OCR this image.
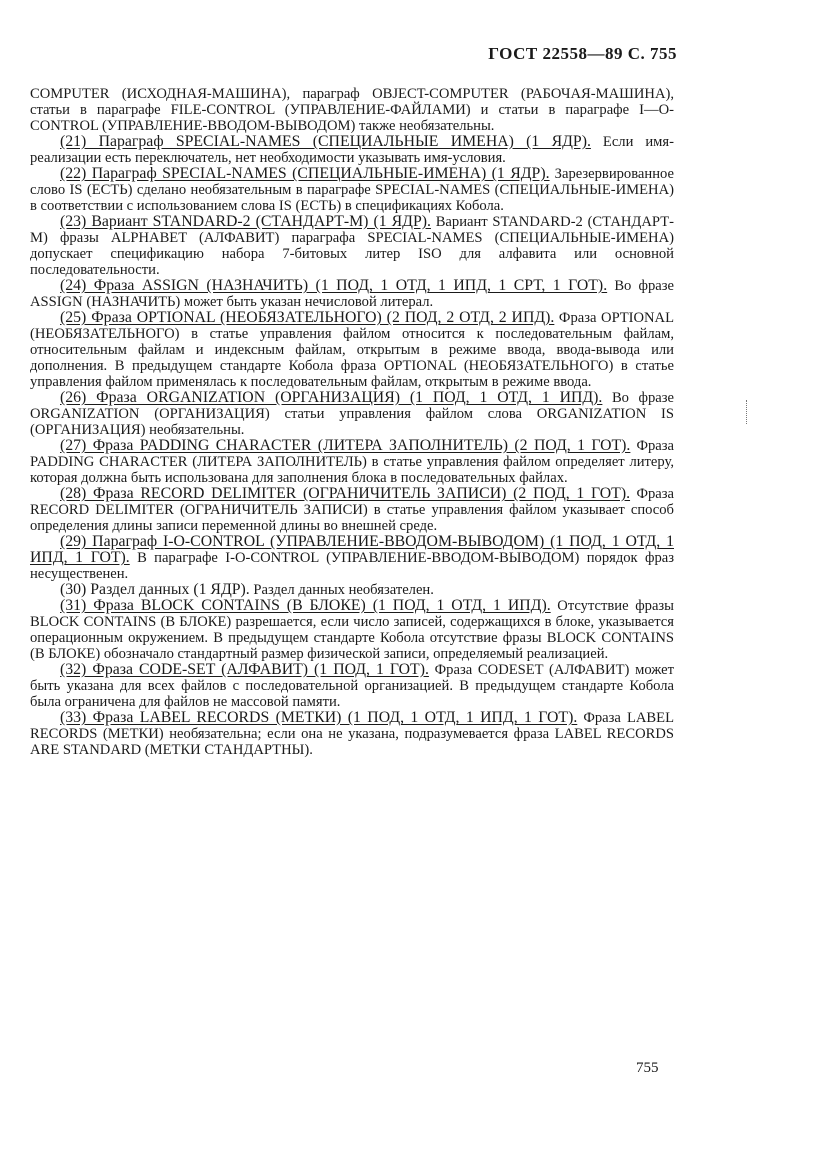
ГОСТ 22558—89 С. 755

COMPUTER (ИСХОДНАЯ-МАШИНА), параграф OBJECT-COMPUTER (РАБОЧАЯ-МАШИНА), статьи в параграфе FILE-CONTROL (УПРАВЛЕНИЕ-ФАЙЛАМИ) и статьи в параграфе I—O-CONTROL (УПРАВЛЕНИЕ-ВВОДОМ-ВЫВОДОМ) также необязательны.

(21) Параграф SPECIAL-NAMES (СПЕЦИАЛЬНЫЕ ИМЕНА) (1 ЯДР). Если имя-реализации есть переключатель, нет необходимости указывать имя-условия.

(22) Параграф SPECIAL-NAMES (СПЕЦИАЛЬНЫЕ-ИМЕНА) (1 ЯДР). Зарезервированное слово IS (ЕСТЬ) сделано необязательным в параграфе SPECIAL-NAMES (СПЕЦИАЛЬНЫЕ-ИМЕНА) в соответствии с использованием слова IS (ЕСТЬ) в спецификациях Кобола.

(23) Вариант STANDARD-2 (СТАНДАРТ-М) (1 ЯДР). Вариант STANDARD-2 (СТАНДАРТ-М) фразы ALPHABET (АЛФАВИТ) параграфа SPECIAL-NAMES (СПЕЦИАЛЬНЫЕ-ИМЕНА) допускает спецификацию набора 7-битовых литер ISO для алфавита или основной последовательности.

(24) Фраза ASSIGN (НАЗНАЧИТЬ) (1 ПОД, 1 ОТД, 1 ИПД, 1 СРТ, 1 ГОТ). Во фразе ASSIGN (НАЗНАЧИТЬ) может быть указан нечисловой литерал.

(25) Фраза OPTIONAL (НЕОБЯЗАТЕЛЬНОГО) (2 ПОД, 2 ОТД, 2 ИПД). Фраза OPTIONAL (НЕОБЯЗАТЕЛЬНОГО) в статье управления файлом относится к последовательным файлам, относительным файлам и индексным файлам, открытым в режиме ввода, ввода-вывода или дополнения. В предыдущем стандарте Кобола фраза OPTIONAL (НЕОБЯЗАТЕЛЬНОГО) в статье управления файлом применялась к последовательным файлам, открытым в режиме ввода.

(26) Фраза ORGANIZATION (ОРГАНИЗАЦИЯ) (1 ПОД, 1 ОТД, 1 ИПД). Во фразе ORGANIZATION (ОРГАНИЗАЦИЯ) статьи управления файлом слова ORGANIZATION IS (ОРГАНИЗАЦИЯ) необязательны.

(27) Фраза PADDING CHARACTER (ЛИТЕРА ЗАПОЛНИТЕЛЬ) (2 ПОД, 1 ГОТ). Фраза PADDING CHARACTER (ЛИТЕРА ЗАПОЛНИТЕЛЬ) в статье управления файлом определяет литеру, которая должна быть использована для заполнения блока в последовательных файлах.

(28) Фраза RECORD DELIMITER (ОГРАНИЧИТЕЛЬ ЗАПИСИ) (2 ПОД, 1 ГОТ). Фраза RECORD DELIMITER (ОГРАНИЧИТЕЛЬ ЗАПИСИ) в статье управления файлом указывает способ определения длины записи переменной длины во внешней среде.

(29) Параграф I-O-CONTROL (УПРАВЛЕНИЕ-ВВОДОМ-ВЫВОДОМ) (1 ПОД, 1 ОТД, 1 ИПД, 1 ГОТ). В параграфе I-O-CONTROL (УПРАВЛЕНИЕ-ВВОДОМ-ВЫВОДОМ) порядок фраз несущественен.

(30) Раздел данных (1 ЯДР). Раздел данных необязателен.

(31) Фраза BLOCK CONTAINS (В БЛОКЕ) (1 ПОД, 1 ОТД, 1 ИПД). Отсутствие фразы BLOCK CONTAINS (В БЛОКЕ) разрешается, если число записей, содержащихся в блоке, указывается операционным окружением. В предыдущем стандарте Кобола отсутствие фразы BLOCK CONTAINS (В БЛОКЕ) обозначало стандартный размер физической записи, определяемый реализацией.

(32) Фраза CODE-SET (АЛФАВИТ) (1 ПОД, 1 ГОТ). Фраза CODESET (АЛФАВИТ) может быть указана для всех файлов с последовательной организацией. В предыдущем стандарте Кобола была ограничена для файлов не массовой памяти.

(33) Фраза LABEL RECORDS (МЕТКИ) (1 ПОД, 1 ОТД, 1 ИПД, 1 ГОТ). Фраза LABEL RECORDS (МЕТКИ) необязательна; если она не указана, подразумевается фраза LABEL RECORDS ARE STANDARD (МЕТКИ СТАНДАРТНЫ).

755
